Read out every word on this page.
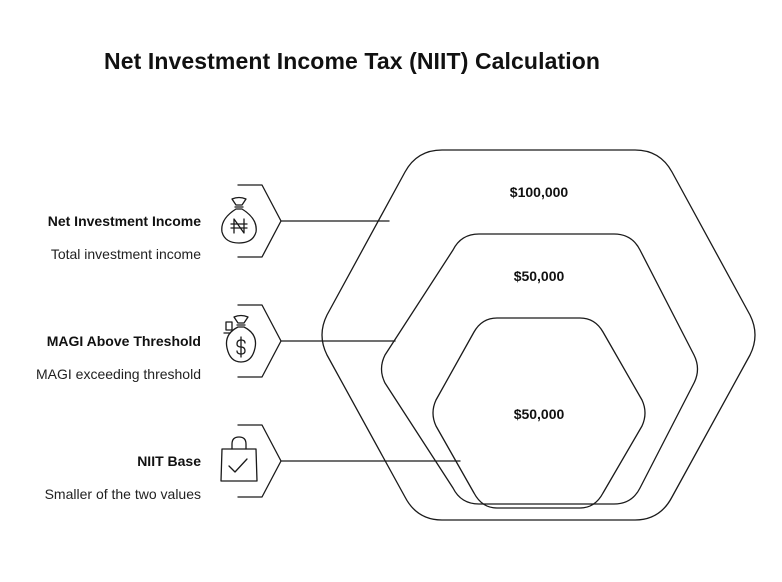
Net Investment Income Tax (NIIT) Calculation
$100,000
$50,000
$50,000
Net Investment Income
Total investment income
MAGI Above Threshold
MAGI exceeding threshold
NIIT Base
Smaller of the two values
